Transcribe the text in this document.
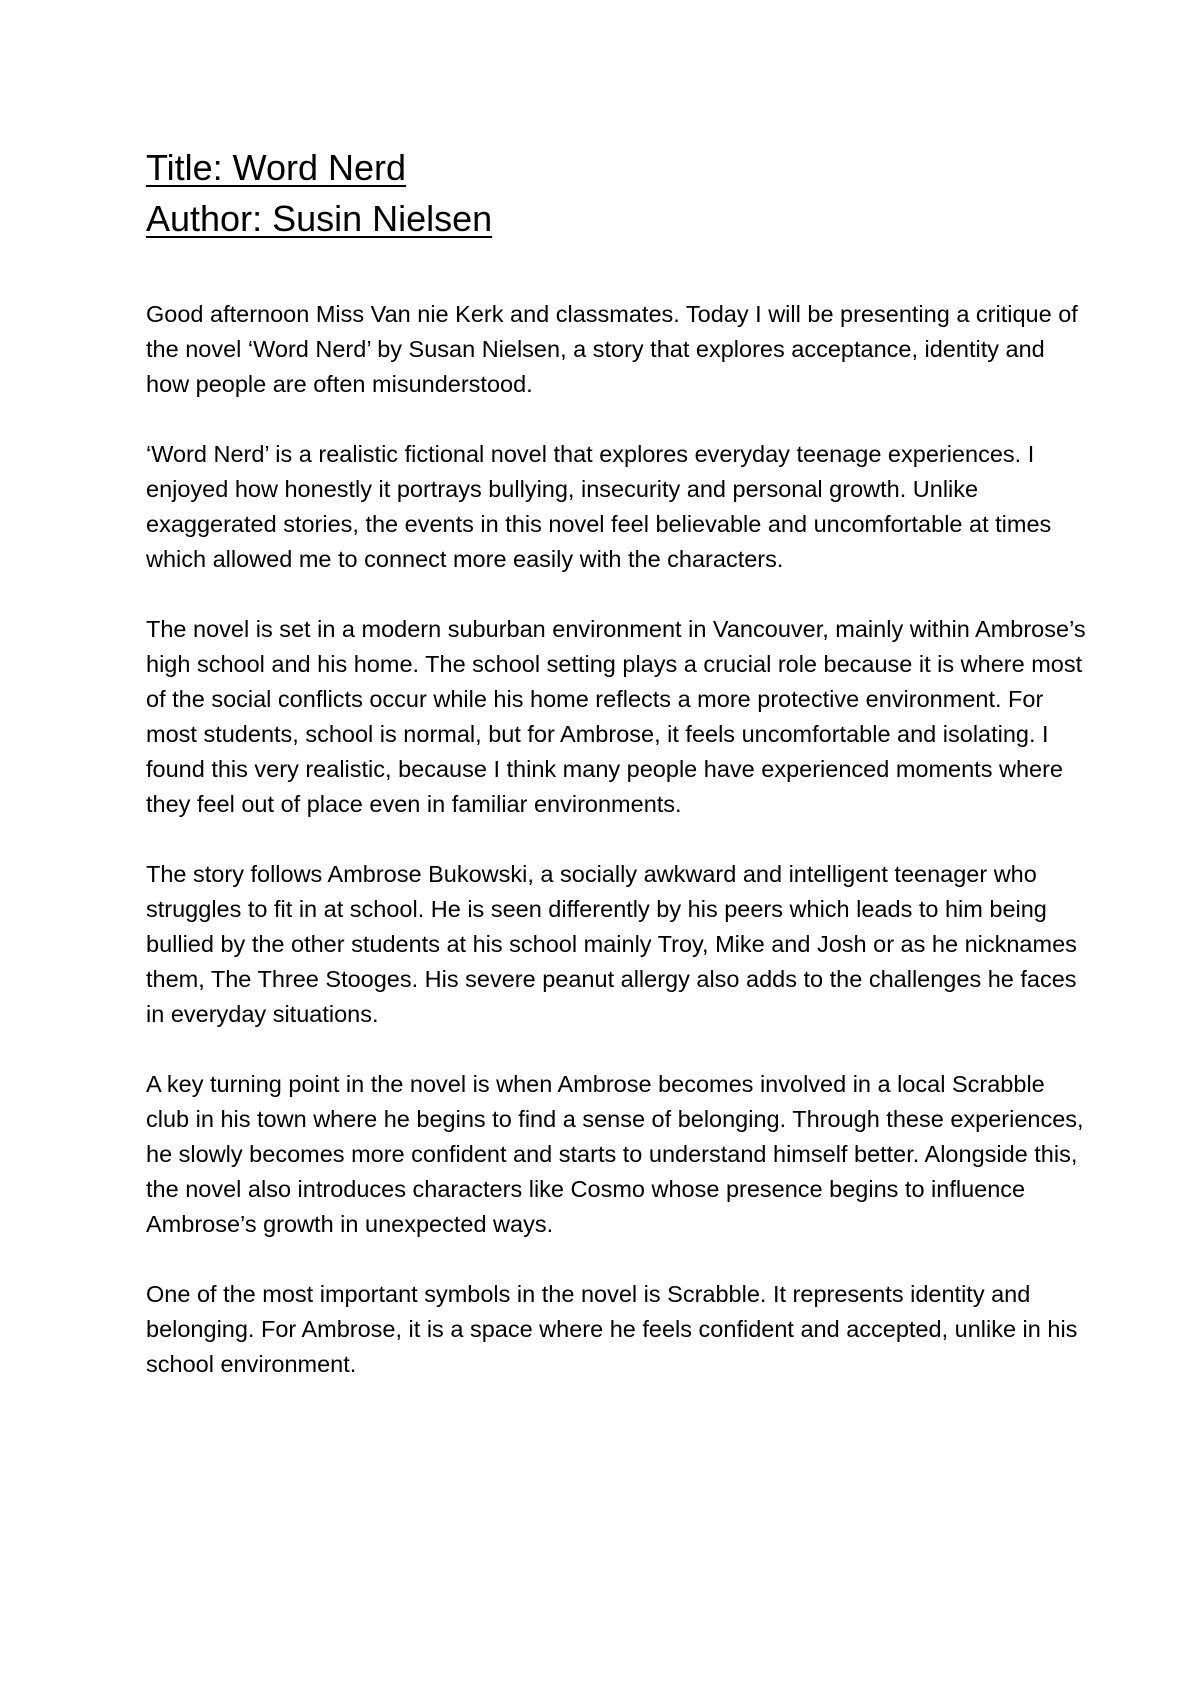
Title: Word Nerd
Author: Susin Nielsen

Good afternoon Miss Van nie Kerk and classmates. Today I will be presenting a critique of the novel ‘Word Nerd’ by Susan Nielsen, a story that explores acceptance, identity and how people are often misunderstood.

‘Word Nerd’ is a realistic fictional novel that explores everyday teenage experiences. I enjoyed how honestly it portrays bullying, insecurity and personal growth. Unlike exaggerated stories, the events in this novel feel believable and uncomfortable at times which allowed me to connect more easily with the characters.

The novel is set in a modern suburban environment in Vancouver, mainly within Ambrose’s high school and his home. The school setting plays a crucial role because it is where most of the social conflicts occur while his home reflects a more protective environment. For most students, school is normal, but for Ambrose, it feels uncomfortable and isolating. I found this very realistic, because I think many people have experienced moments where they feel out of place even in familiar environments.

The story follows Ambrose Bukowski, a socially awkward and intelligent teenager who struggles to fit in at school. He is seen differently by his peers which leads to him being bullied by the other students at his school mainly Troy, Mike and Josh or as he nicknames them, The Three Stooges. His severe peanut allergy also adds to the challenges he faces in everyday situations.

A key turning point in the novel is when Ambrose becomes involved in a local Scrabble club in his town where he begins to find a sense of belonging. Through these experiences, he slowly becomes more confident and starts to understand himself better. Alongside this, the novel also introduces characters like Cosmo whose presence begins to influence Ambrose’s growth in unexpected ways.

One of the most important symbols in the novel is Scrabble. It represents identity and belonging. For Ambrose, it is a space where he feels confident and accepted, unlike in his school environment.
